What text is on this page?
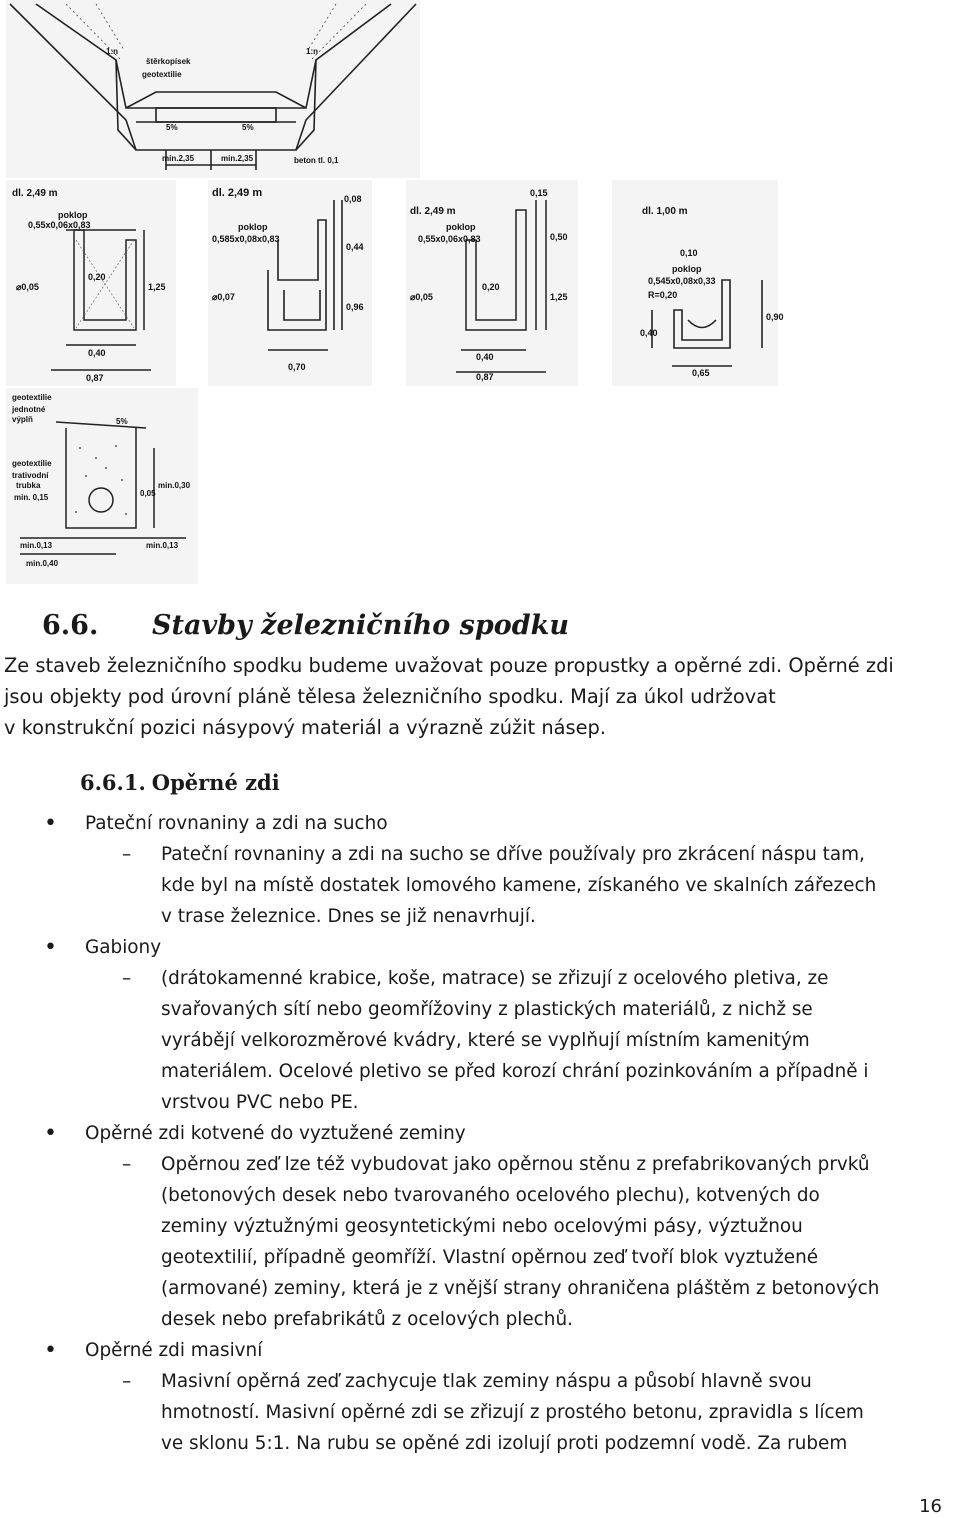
1:n	1:n
štěrkopísek
geotextilie
5%	5%
min.2,35	min.2,35	beton tl. 0,1
dl. 2,49 m
poklop
0,55x0,06x0,83
⌀0,05
0,20
1,25
0,40
0,87
dl. 2,49 m
poklop
0,585x0,08x0,83
0,08
0,44
0,96
⌀0,07
0,70
dl. 2,49 m
poklop
0,55x0,06x0,83
0,15
0,50
0,20
1,25
⌀0,05
0,40
0,87
dl. 1,00 m
0,10
poklop
0,545x0,08x0,33
R=0,20
0,40
0,90
0,65
geotextilie
jednotné
výplň
geotextilie
trativodní
trubka
min. 0,15
5%
0,05
min.0,30
min.0,13	min.0,13
min.0,40
6.6. Stavby železničního spodku
Ze staveb železničního spodku budeme uvažovat pouze propustky a opěrné zdi. Opěrné zdi
jsou objekty pod úrovní pláně tělesa železničního spodku. Mají za úkol udržovat
v konstrukční pozici násypový materiál a výrazně zúžit násep.
6.6.1. Opěrné zdi
• Pateční rovnaniny a zdi na sucho
– Pateční rovnaniny a zdi na sucho se dříve používaly pro zkrácení náspu tam,
kde byl na místě dostatek lomového kamene, získaného ve skalních zářezech
v trase železnice. Dnes se již nenavrhují.
• Gabiony
– (drátokamenné krabice, koše, matrace) se zřizují z ocelového pletiva, ze
svařovaných sítí nebo geomřížoviny z plastických materiálů, z nichž se
vyrábějí velkorozměrové kvádry, které se vyplňují místním kamenitým
materiálem. Ocelové pletivo se před korozí chrání pozinkováním a případně i
vrstvou PVC nebo PE.
• Opěrné zdi kotvené do vyztužené zeminy
– Opěrnou zeď lze též vybudovat jako opěrnou stěnu z prefabrikovaných prvků
(betonových desek nebo tvarovaného ocelového plechu), kotvených do
zeminy výztužnými geosyntetickými nebo ocelovými pásy, výztužnou
geotextilií, případně geomříží. Vlastní opěrnou zeď tvoří blok vyztužené
(armované) zeminy, která je z vnější strany ohraničena pláštěm z betonových
desek nebo prefabrikátů z ocelových plechů.
• Opěrné zdi masivní
– Masivní opěrná zeď zachycuje tlak zeminy náspu a působí hlavně svou
hmotností. Masivní opěrné zdi se zřizují z prostého betonu, zpravidla s lícem
ve sklonu 5:1. Na rubu se opěné zdi izolují proti podzemní vodě. Za rubem
16
